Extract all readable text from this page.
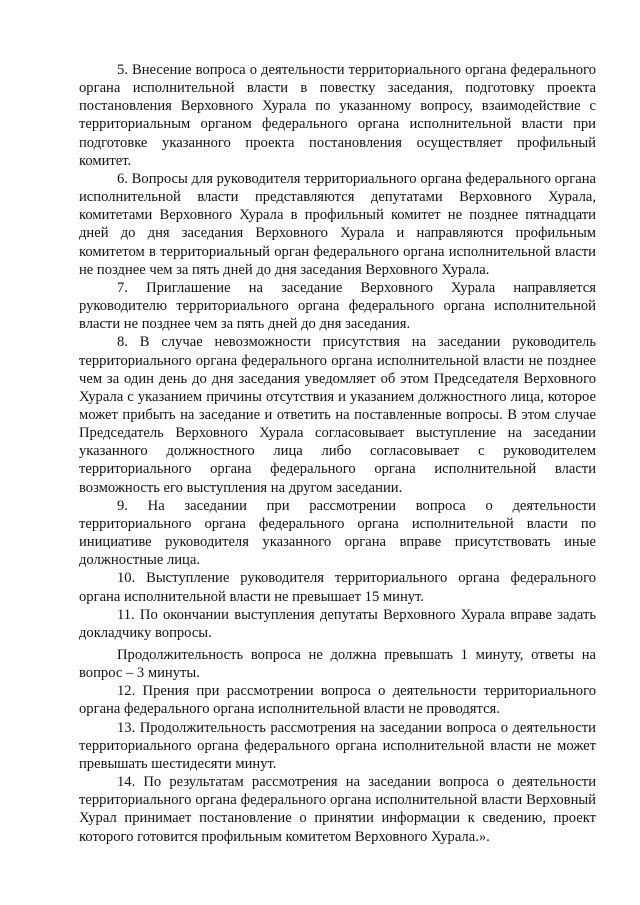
5. Внесение вопроса о деятельности территориального органа федерального органа исполнительной власти в повестку заседания, подготовку проекта постановления Верховного Хурала по указанному вопросу, взаимодействие с территориальным органом федерального органа исполнительной власти при подготовке указанного проекта постановления осуществляет профильный комитет.

6. Вопросы для руководителя территориального органа федерального органа исполнительной власти представляются депутатами Верховного Хурала, комитетами Верховного Хурала в профильный комитет не позднее пятнадцати дней до дня заседания Верховного Хурала и направляются профильным комитетом в территориальный орган федерального органа исполнительной власти не позднее чем за пять дней до дня заседания Верховного Хурала.

7. Приглашение на заседание Верховного Хурала направляется руководителю территориального органа федерального органа исполнительной власти не позднее чем за пять дней до дня заседания.

8. В случае невозможности присутствия на заседании руководитель территориального органа федерального органа исполнительной власти не позднее чем за один день до дня заседания уведомляет об этом Председателя Верховного Хурала с указанием причины отсутствия и указанием должностного лица, которое может прибыть на заседание и ответить на поставленные вопросы. В этом случае Председатель Верховного Хурала согласовывает выступление на заседании указанного должностного лица либо согласовывает с руководителем территориального органа федерального органа исполнительной власти возможность его выступления на другом заседании.

9. На заседании при рассмотрении вопроса о деятельности территориального органа федерального органа исполнительной власти по инициативе руководителя указанного органа вправе присутствовать иные должностные лица.

10. Выступление руководителя территориального органа федерального органа исполнительной власти не превышает 15 минут.

11. По окончании выступления депутаты Верховного Хурала вправе задать докладчику вопросы.

Продолжительность вопроса не должна превышать 1 минуту, ответы на вопрос – 3 минуты.

12. Прения при рассмотрении вопроса о деятельности территориального органа федерального органа исполнительной власти не проводятся.

13. Продолжительность рассмотрения на заседании вопроса о деятельности территориального органа федерального органа исполнительной власти не может превышать шестидесяти минут.

14. По результатам рассмотрения на заседании вопроса о деятельности территориального органа федерального органа исполнительной власти Верховный Хурал принимает постановление о принятии информации к сведению, проект которого готовится профильным комитетом Верховного Хурала.».
